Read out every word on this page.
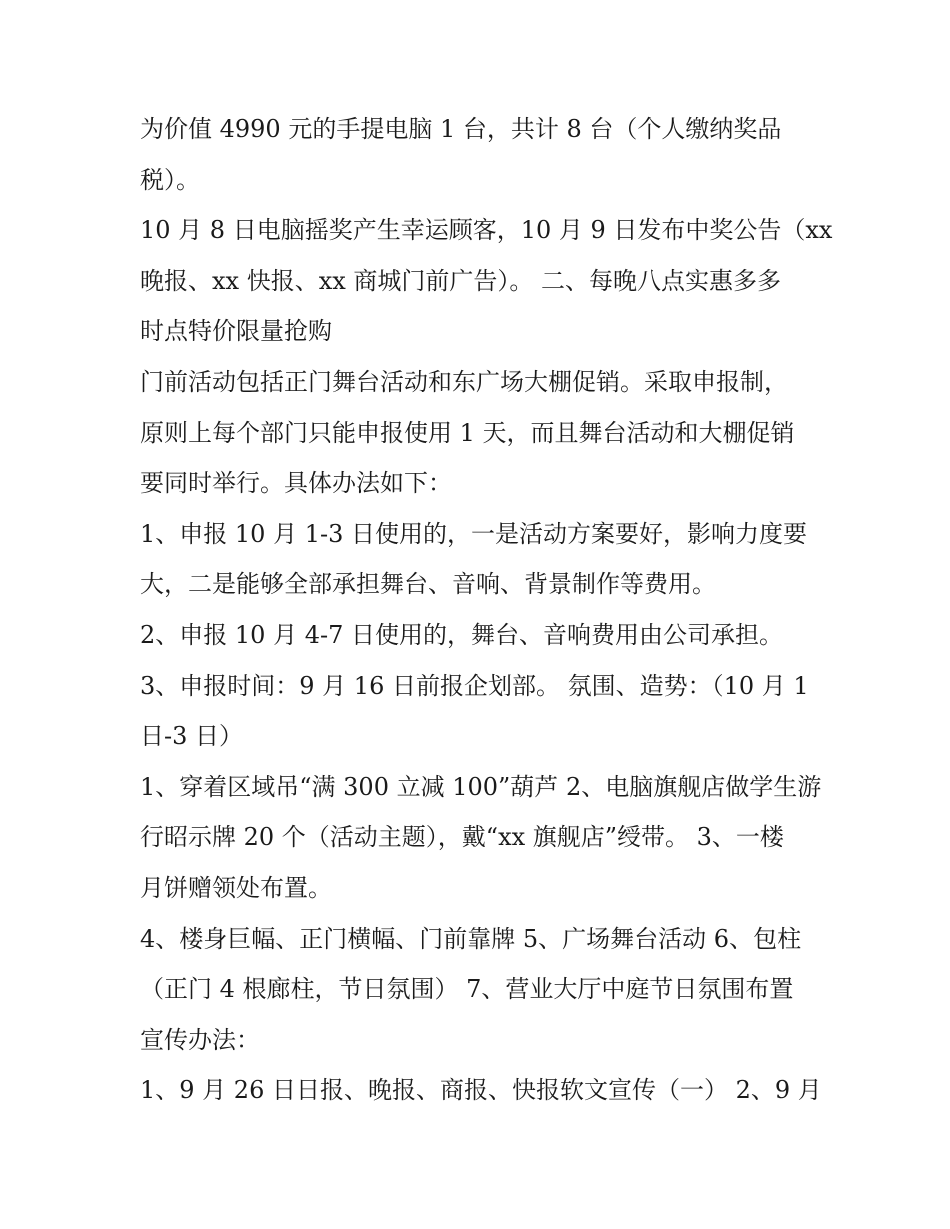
为价值 4990 元的手提电脑 1 台，共计 8 台（个人缴纳奖品
税）。

10 月 8 日电脑摇奖产生幸运顾客，10 月 9 日发布中奖公告（xx
晚报、xx 快报、xx 商城门前广告）。 二、每晚八点实惠多多
时点特价限量抢购

门前活动包括正门舞台活动和东广场大棚促销。采取申报制，
原则上每个部门只能申报使用 1 天，而且舞台活动和大棚促销
要同时举行。具体办法如下：

1、申报 10 月 1-3 日使用的，一是活动方案要好，影响力度要
大，二是能够全部承担舞台、音响、背景制作等费用。

2、申报 10 月 4-7 日使用的，舞台、音响费用由公司承担。

3、申报时间：9 月 16 日前报企划部。 氛围、造势：（10 月 1
日-3 日）

1、穿着区域吊“满 300 立减 100”葫芦 2、电脑旗舰店做学生游
行昭示牌 20 个（活动主题），戴“xx 旗舰店”绶带。 3、一楼
月饼赠领处布置。

4、楼身巨幅、正门横幅、门前靠牌 5、广场舞台活动 6、包柱
（正门 4 根廊柱，节日氛围） 7、营业大厅中庭节日氛围布置
宣传办法：

1、9 月 26 日日报、晚报、商报、快报软文宣传（一） 2、9 月
